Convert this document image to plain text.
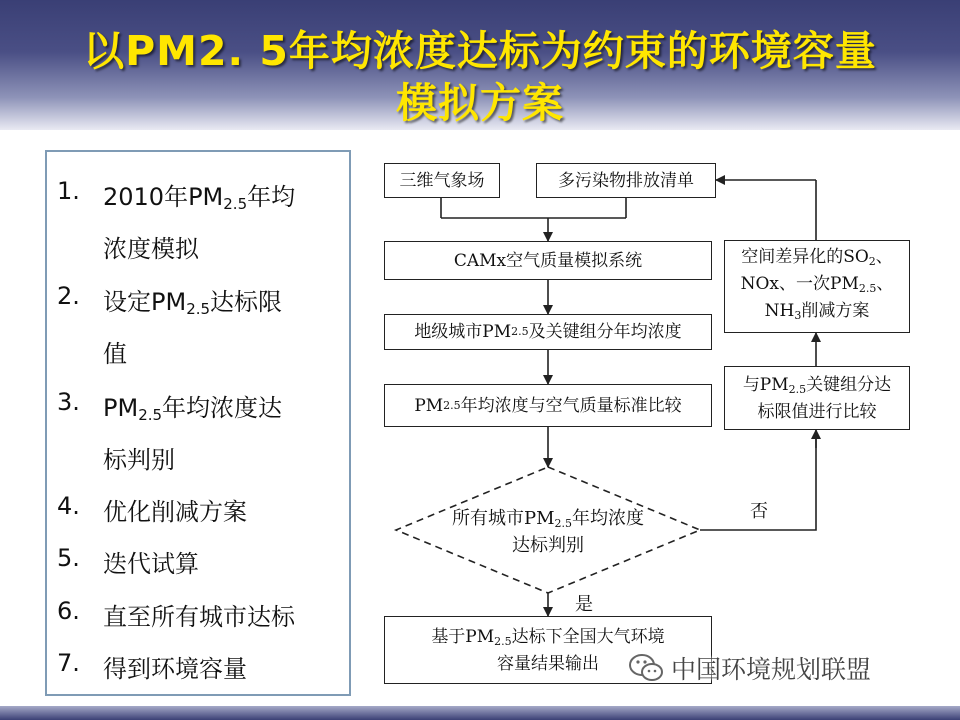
以PM2. 5年均浓度达标为约束的环境容量
模拟方案
1. 2010年$PM_{2.5}$年均
浓度模拟
2. 设定$PM_{2.5}$达标限
值
3. $PM_{2.5}$年均浓度达
标判别
4. 优化削减方案
5. 迭代试算
6. 直至所有城市达标
7. 得到环境容量
三维气象场	多污染物排放清单
CAMx空气质量模拟系统
地级城市PM 2.5 及关键组分年均浓度
PM 2.5 年均浓度与空气质量标准比较
所有城市$PM_{2.5}$年均浓度
达标判别
基于$PM_{2.5}$达标下全国大气环境
容量结果输出
与$PM_{2.5}$关键组分达
标限值进行比较
空间差异化的$SO_2$、
NOx、一次$PM_{2.5}$、
$NH_3$削减方案
否
是
中国环境规划联盟
